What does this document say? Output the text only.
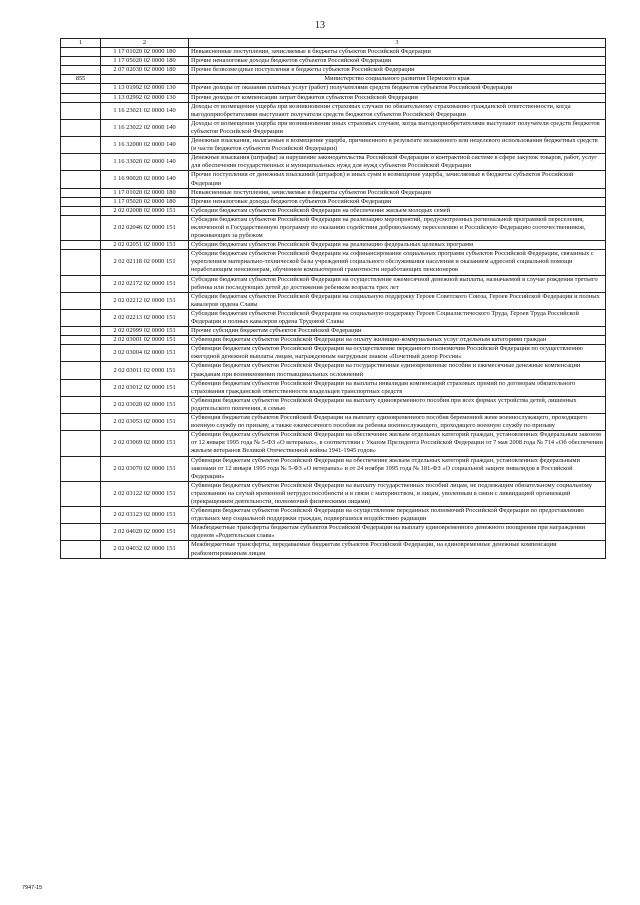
13
1	2	3
	1 17 01020 02 0000 180	Невыясненные поступления, зачисляемые в бюджеты субъектов Российской Федерации
	1 17 05020 02 0000 180	Прочие неналоговые доходы бюджетов субъектов Российской Федерации
	2 07 02030 02 0000 180	Прочие безвозмездные поступления в бюджеты субъектов Российской Федерации
855		Министерство социального развития Пермского края
	1 13 01992 02 0000 130	Прочие доходы от оказания платных услуг (работ) получателями средств бюджетов субъектов Российской Федерации
	1 13 02992 02 0000 130	Прочие доходы от компенсации затрат бюджетов субъектов Российской Федерации
	1 16 23021 02 0000 140	Доходы от возмещения ущерба при возникновении страховых случаев по обязательному страхованию гражданской ответственности, когда выгодоприобретателями выступают получатели средств бюджетов субъектов Российской Федерации
	1 16 23022 02 0000 140	Доходы от возмещения ущерба при возникновении иных страховых случаев, когда выгодоприобретателями выступают получатели средств бюджетов субъектов Российской Федерации
	1 16 32000 02 0000 140	Денежные взыскания, налагаемые в возмещение ущерба, причиненного в результате незаконного или нецелевого использования бюджетных средств (в части бюджетов субъектов Российской Федерации)
	1 16 33020 02 0000 140	Денежные взыскания (штрафы) за нарушение законодательства Российской Федерации о контрактной системе в сфере закупок товаров, работ, услуг для обеспечения государственных и муниципальных нужд для нужд субъектов Российской Федерации
	1 16 90020 02 0000 140	Прочие поступления от денежных взысканий (штрафов) и иных сумм в возмещение ущерба, зачисляемые в бюджеты субъектов Российской Федерации
	1 17 01020 02 0000 180	Невыясненные поступления, зачисляемые в бюджеты субъектов Российской Федерации
	1 17 05020 02 0000 180	Прочие неналоговые доходы бюджетов субъектов Российской Федерации
	2 02 02008 02 0000 151	Субсидии бюджетам субъектов Российской Федерации на обеспечение жильем молодых семей
	2 02 02046 02 0000 151	Субсидии бюджетам субъектов Российской Федерации на реализацию мероприятий, предусмотренных региональной программой переселения, включенной в Государственную программу по оказанию содействия добровольному переселению в Российскую Федерацию соотечественников, проживающих за рубежом
	2 02 02051 02 0000 151	Субсидии бюджетам субъектов Российской Федерации на реализацию федеральных целевых программ
	2 02 02118 02 0000 151	Субсидии бюджетам субъектов Российской Федерации на софинансирование социальных программ субъектов Российской Федерации, связанных с укреплением материально-технической базы учреждений социального обслуживания населения и оказанием адресной социальной помощи неработающим пенсионерам, обучением компьютерной грамотности неработающих пенсионеров
	2 02 02172 02 0000 151	Субсидии бюджетам субъектов Российской Федерации на осуществление ежемесячной денежной выплаты, назначаемой в случае рождения третьего ребенка или последующих детей до достижения ребенком возраста трех лет
	2 02 02212 02 0000 151	Субсидии бюджетам субъектов Российской Федерации на социальную поддержку Героев Советского Союза, Героев Российской Федерации и полных кавалеров ордена Славы
	2 02 02213 02 0000 151	Субсидии бюджетам субъектов Российской Федерации на социальную поддержку Героев Социалистического Труда, Героев Труда Российской Федерации и полных кавалеров ордена Трудовой Славы
	2 02 02999 02 0000 151	Прочие субсидии бюджетам субъектов Российской Федерации
	2 02 03001 02 0000 151	Субвенции бюджетам субъектов Российской Федерации на оплату жилищно-коммунальных услуг отдельным категориям граждан
	2 02 03004 02 0000 151	Субвенции бюджетам субъектов Российской Федерации на осуществление переданного полномочия Российской Федерации по осуществлению ежегодной денежной выплаты лицам, награжденным нагрудным знаком «Почетный донор России»
	2 02 03011 02 0000 151	Субвенции бюджетам субъектов Российской Федерации на государственные единовременные пособия и ежемесячные денежные компенсации гражданам при возникновении поствакцинальных осложнений
	2 02 03012 02 0000 151	Субвенции бюджетам субъектов Российской Федерации на выплаты инвалидам компенсаций страховых премий по договорам обязательного страхования гражданской ответственности владельцев транспортных средств
	2 02 03020 02 0000 151	Субвенции бюджетам субъектов Российской Федерации на выплату единовременного пособия при всех формах устройства детей, лишенных родительского попечения, в семью
	2 02 03053 02 0000 151	Субвенция бюджетам субъектов Российской Федерации на выплату единовременного пособия беременной жене военнослужащего, проходящего военную службу по призыву, а также ежемесячного пособия на ребенка военнослужащего, проходящего военную службу по призыву
	2 02 03069 02 0000 151	Субвенции бюджетам субъектов Российской Федерации на обеспечение жильем отдельных категорий граждан, установленных Федеральным законом от 12 января 1995 года № 5-ФЗ «О ветеранах», в соответствии с Указом Президента Российской Федерации от 7 мая 2008 года № 714 «Об обеспечении жильем ветеранов Великой Отечественной войны 1941-1945 годов»
	2 02 03070 02 0000 151	Субвенции бюджетам субъектов Российской Федерации на обеспечение жильем отдельных категорий граждан, установленных федеральными законами от 12 января 1995 года № 5-ФЗ «О ветеранах» и от 24 ноября 1995 года № 181-ФЗ «О социальной защите инвалидов в Российской Федерации»
	2 02 03122 02 0000 151	Субвенции бюджетам субъектов Российской Федерации на выплату государственных пособий лицам, не подлежащим обязательному социальному страхованию на случай временной нетрудоспособности и в связи с материнством, и лицам, уволенным в связи с ликвидацией организаций (прекращением деятельности, полномочий физическими лицами)
	2 02 03123 02 0000 151	Субвенции бюджетам субъектов Российской Федерации на осуществление переданных полномочий Российской Федерации по предоставлению отдельных мер социальной поддержки граждан, подвергшихся воздействию радиации
	2 02 04020 02 0000 151	Межбюджетные трансферты бюджетам субъектов Российской Федерации на выплату единовременного денежного поощрения при награждении орденом «Родительская слава»
	2 02 04032 02 0000 151	Межбюджетные трансферты, передаваемые бюджетам субъектов Российской Федерации, на единовременные денежные компенсации реабилитированным лицам
7947-15
